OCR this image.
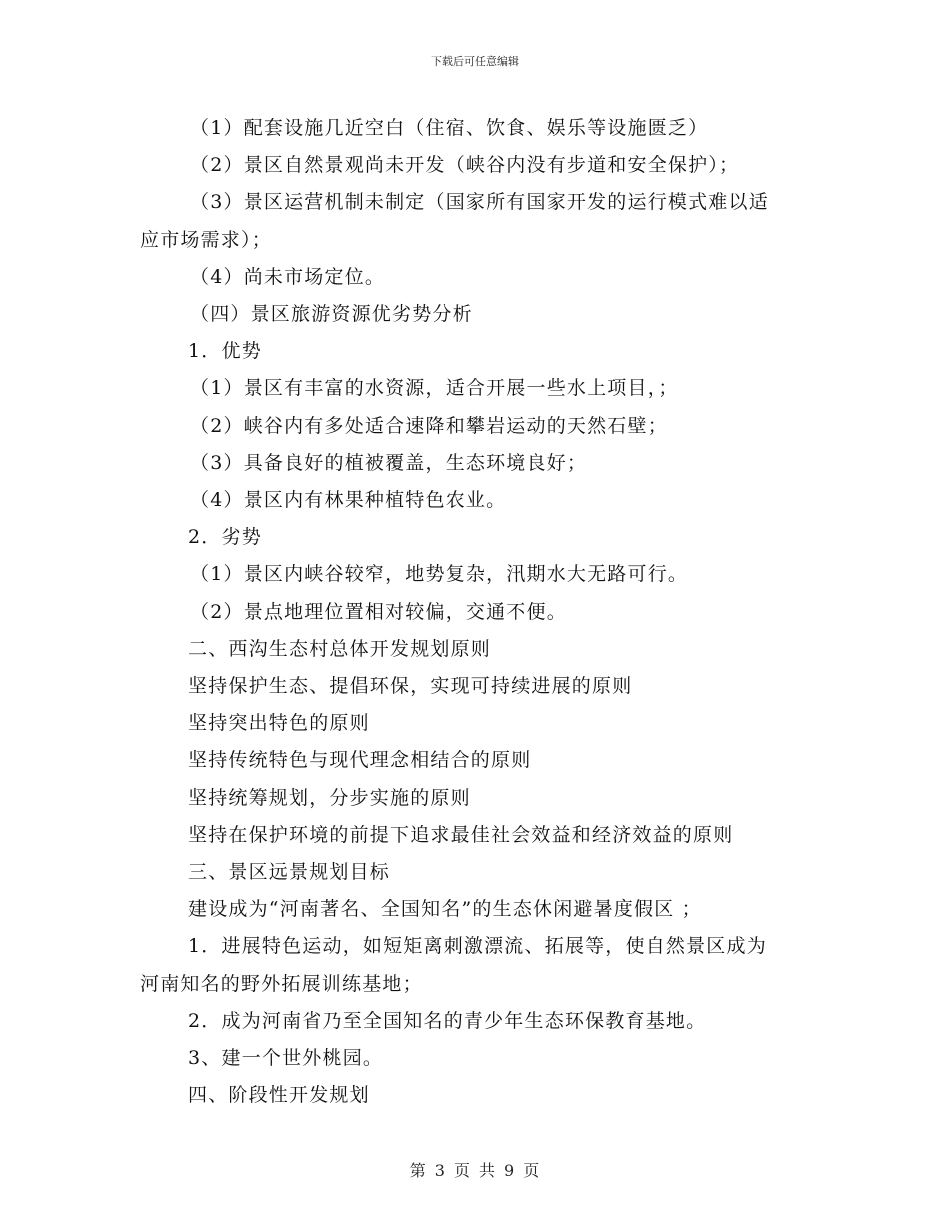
下载后可任意编辑
（1）配套设施几近空白（住宿、饮食、娱乐等设施匮乏）
（2）景区自然景观尚未开发（峡谷内没有步道和安全保护）；
（3）景区运营机制未制定（国家所有国家开发的运行模式难以适
应市场需求）；
（4）尚未市场定位。
（四）景区旅游资源优劣势分析
1．优势
（1）景区有丰富的水资源，适合开展一些水上项目，；
（2）峡谷内有多处适合速降和攀岩运动的天然石壁；
（3）具备良好的植被覆盖，生态环境良好；
（4）景区内有林果种植特色农业。
2．劣势
（1）景区内峡谷较窄，地势复杂，汛期水大无路可行。
（2）景点地理位置相对较偏，交通不便。
二、西沟生态村总体开发规划原则
坚持保护生态、提倡环保，实现可持续进展的原则
坚持突出特色的原则
坚持传统特色与现代理念相结合的原则
坚持统筹规划，分步实施的原则
坚持在保护环境的前提下追求最佳社会效益和经济效益的原则
三、景区远景规划目标
建设成为“河南著名、全国知名”的生态休闲避暑度假区 ；
1．进展特色运动，如短矩离刺激漂流、拓展等，使自然景区成为
河南知名的野外拓展训练基地；
2．成为河南省乃至全国知名的青少年生态环保教育基地。
3、建一个世外桃园。
四、阶段性开发规划
第 3 页 共 9 页
